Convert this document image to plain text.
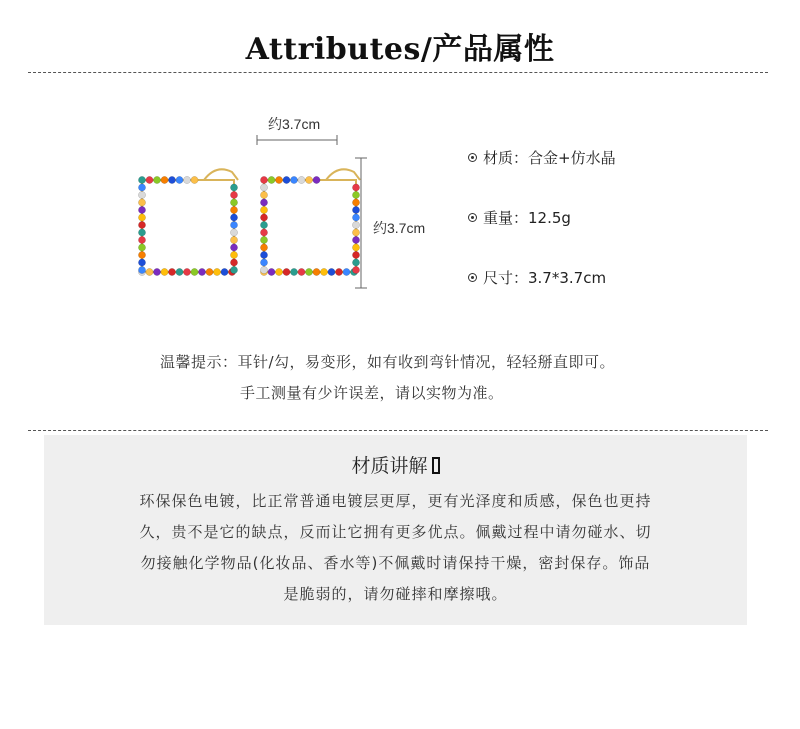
Attributes/产品属性
约3.7cm
约3.7cm
材质：合金+仿水晶
重量：12.5g
尺寸：3.7*3.7cm
温馨提示：耳针/勾，易变形，如有收到弯针情况，轻轻掰直即可。
手工测量有少许误差，请以实物为准。
材质讲解
环保保色电镀，比正常普通电镀层更厚，更有光泽度和质感，保色也更持
久，贵不是它的缺点，反而让它拥有更多优点。佩戴过程中请勿碰水、切
勿接触化学物品(化妆品、香水等)不佩戴时请保持干燥，密封保存。饰品
是脆弱的，请勿碰摔和摩擦哦。
